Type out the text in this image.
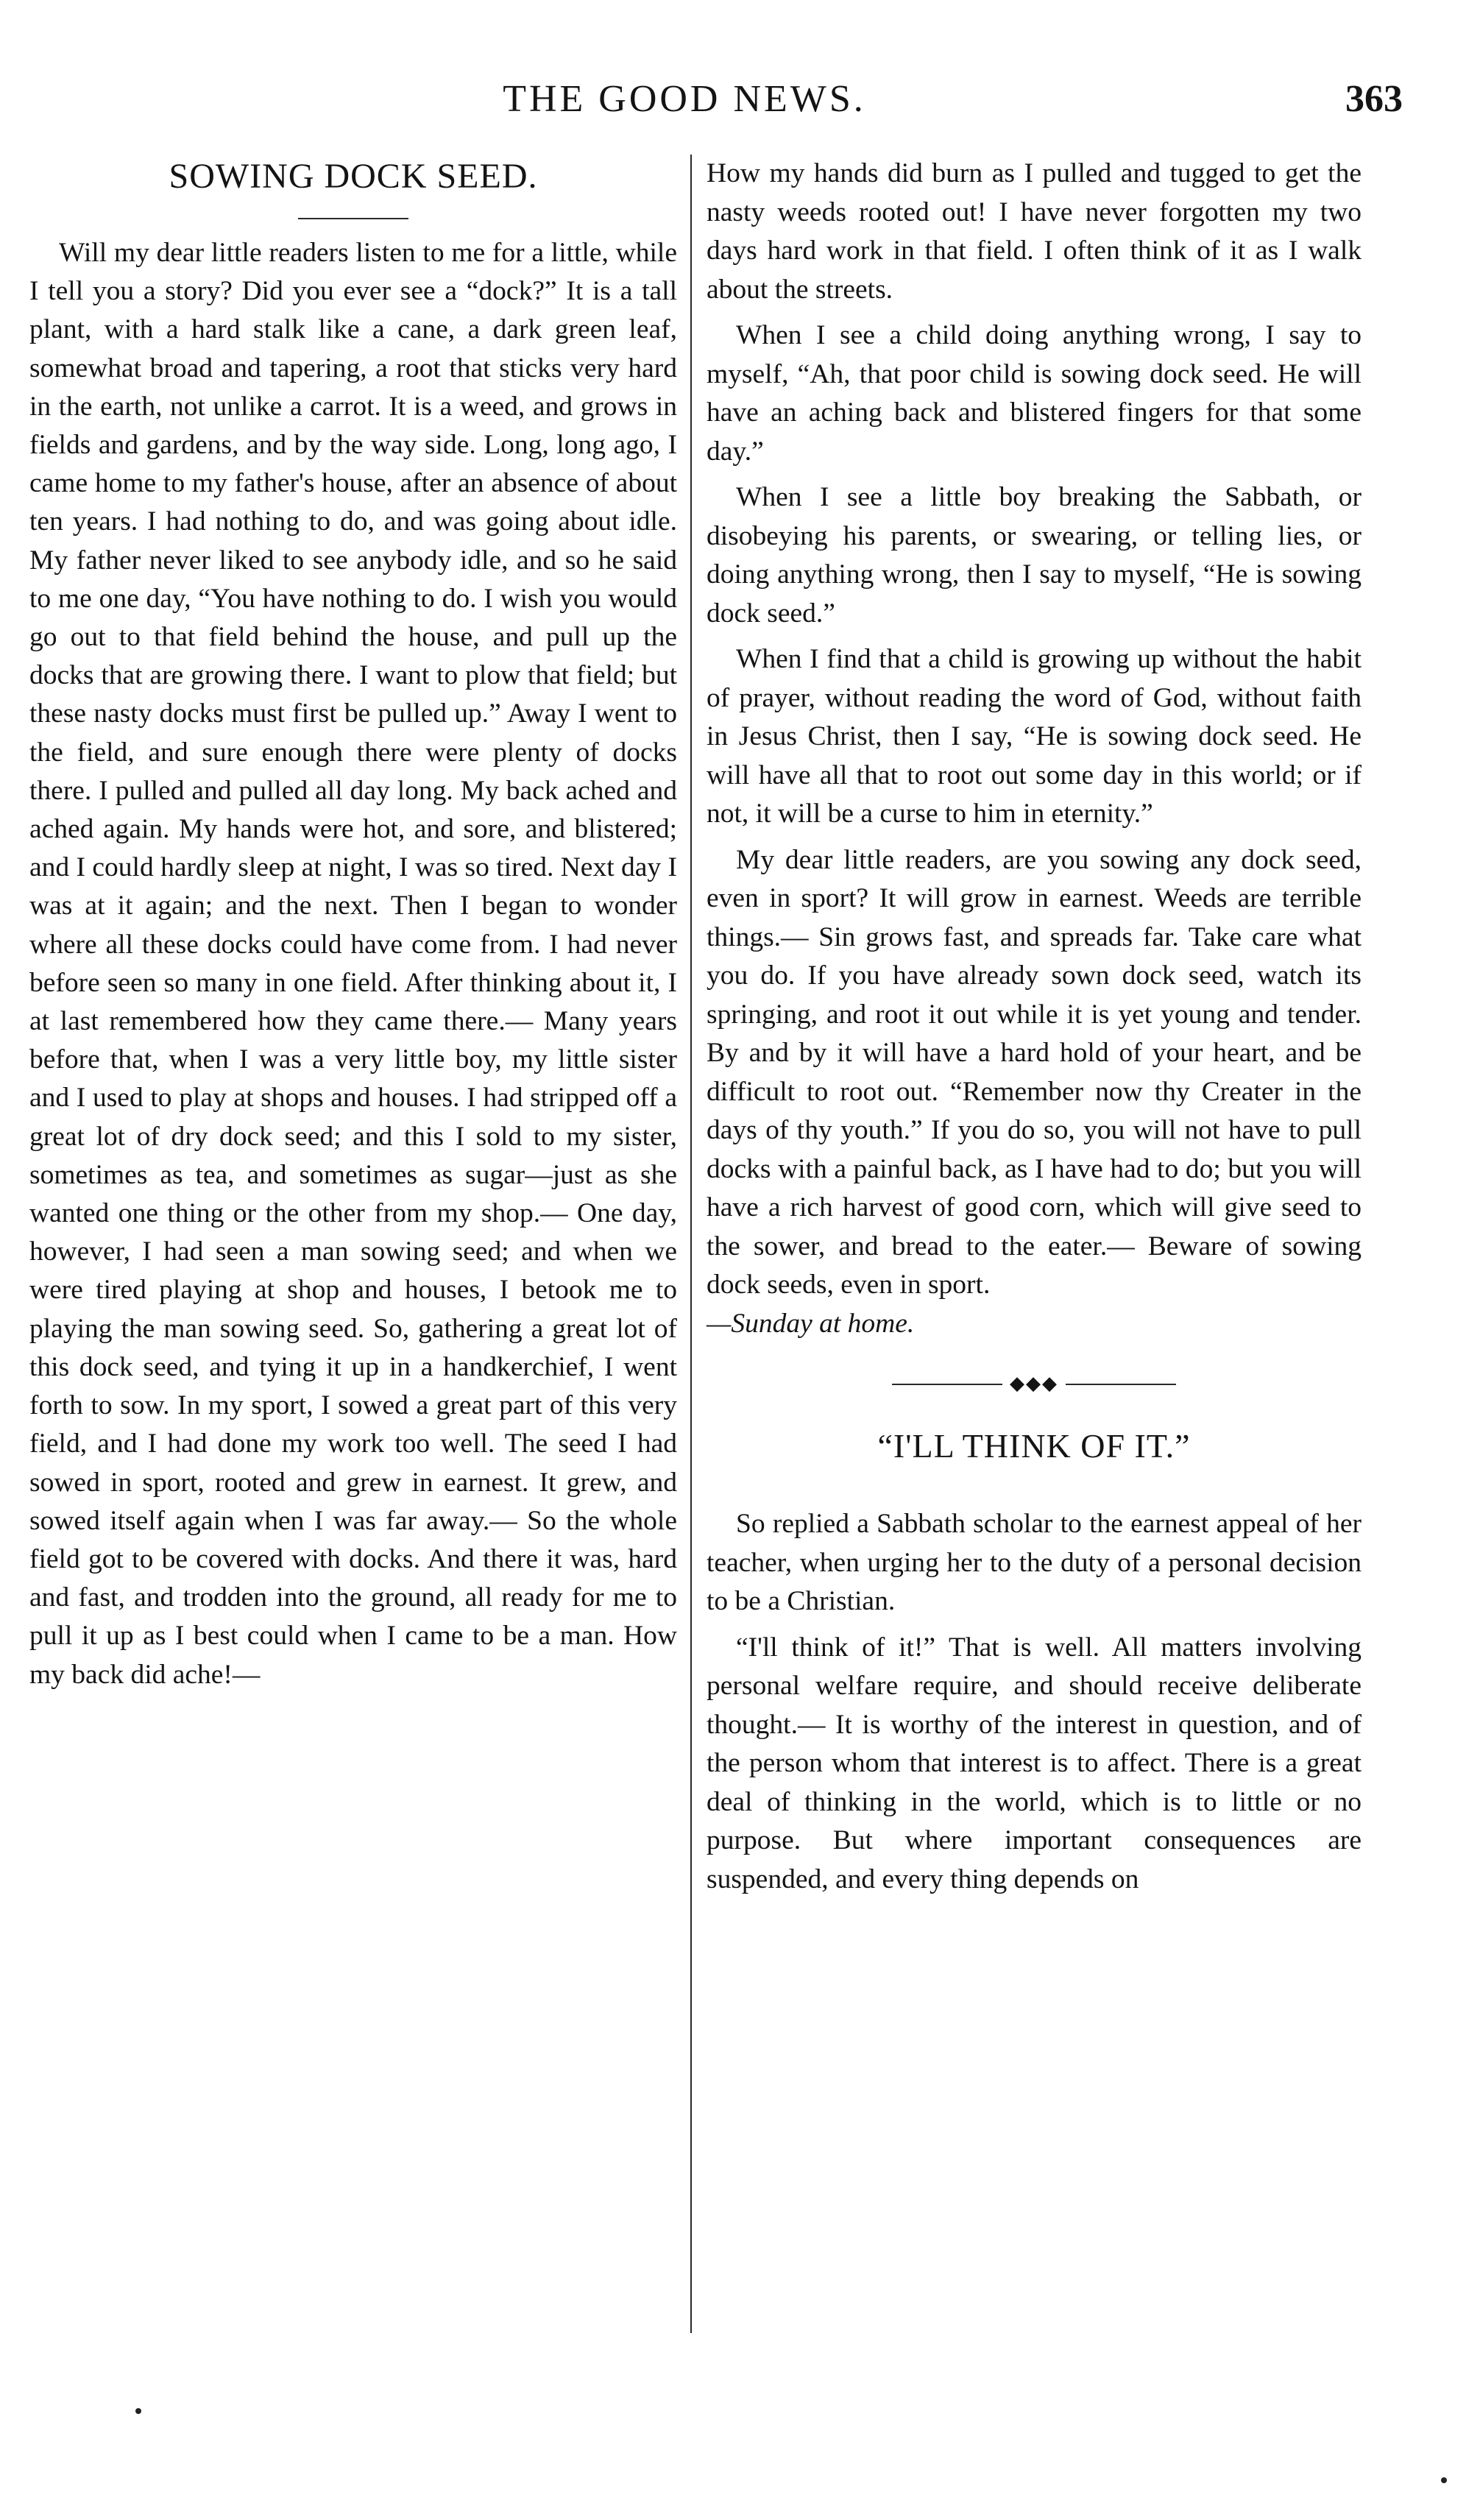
THE GOOD NEWS.	363
SOWING DOCK SEED.

Will my dear little readers listen to me for a little, while I tell you a story? Did you ever see a “dock?” It is a tall plant, with a hard stalk like a cane, a dark green leaf, somewhat broad and tapering, a root that sticks very hard in the earth, not unlike a carrot. It is a weed, and grows in fields and gardens, and by the way side. Long, long ago, I came home to my father's house, after an absence of about ten years. I had nothing to do, and was going about idle. My father never liked to see anybody idle, and so he said to me one day, “You have nothing to do. I wish you would go out to that field behind the house, and pull up the docks that are growing there. I want to plow that field; but these nasty docks must first be pulled up.” Away I went to the field, and sure enough there were plenty of docks there. I pulled and pulled all day long. My back ached and ached again. My hands were hot, and sore, and blistered; and I could hardly sleep at night, I was so tired. Next day I was at it again; and the next. Then I began to wonder where all these docks could have come from. I had never before seen so many in one field. After thinking about it, I at last remembered how they came there.— Many years before that, when I was a very little boy, my little sister and I used to play at shops and houses. I had stripped off a great lot of dry dock seed; and this I sold to my sister, sometimes as tea, and sometimes as sugar—just as she wanted one thing or the other from my shop.— One day, however, I had seen a man sowing seed; and when we were tired playing at shop and houses, I betook me to playing the man sowing seed. So, gathering a great lot of this dock seed, and tying it up in a handkerchief, I went forth to sow. In my sport, I sowed a great part of this very field, and I had done my work too well. The seed I had sowed in sport, rooted and grew in earnest. It grew, and sowed itself again when I was far away.— So the whole field got to be covered with docks. And there it was, hard and fast, and trodden into the ground, all ready for me to pull it up as I best could when I came to be a man. How my back did ache!—

How my hands did burn as I pulled and tugged to get the nasty weeds rooted out! I have never forgotten my two days hard work in that field. I often think of it as I walk about the streets.

When I see a child doing anything wrong, I say to myself, “Ah, that poor child is sowing dock seed. He will have an aching back and blistered fingers for that some day.”

When I see a little boy breaking the Sabbath, or disobeying his parents, or swearing, or telling lies, or doing anything wrong, then I say to myself, “He is sowing dock seed.”

When I find that a child is growing up without the habit of prayer, without reading the word of God, without faith in Jesus Christ, then I say, “He is sowing dock seed. He will have all that to root out some day in this world; or if not, it will be a curse to him in eternity.”

My dear little readers, are you sowing any dock seed, even in sport? It will grow in earnest. Weeds are terrible things.— Sin grows fast, and spreads far. Take care what you do. If you have already sown dock seed, watch its springing, and root it out while it is yet young and tender. By and by it will have a hard hold of your heart, and be difficult to root out. “Remember now thy Creater in the days of thy youth.” If you do so, you will not have to pull docks with a painful back, as I have had to do; but you will have a rich harvest of good corn, which will give seed to the sower, and bread to the eater.— Beware of sowing dock seeds, even in sport.

—Sunday at home.

◆◆◆
“I'LL THINK OF IT.”

So replied a Sabbath scholar to the earnest appeal of her teacher, when urging her to the duty of a personal decision to be a Christian.

“I'll think of it!” That is well. All matters involving personal welfare require, and should receive deliberate thought.— It is worthy of the interest in question, and of the person whom that interest is to affect. There is a great deal of thinking in the world, which is to little or no purpose. But where important consequences are suspended, and every thing depends on
